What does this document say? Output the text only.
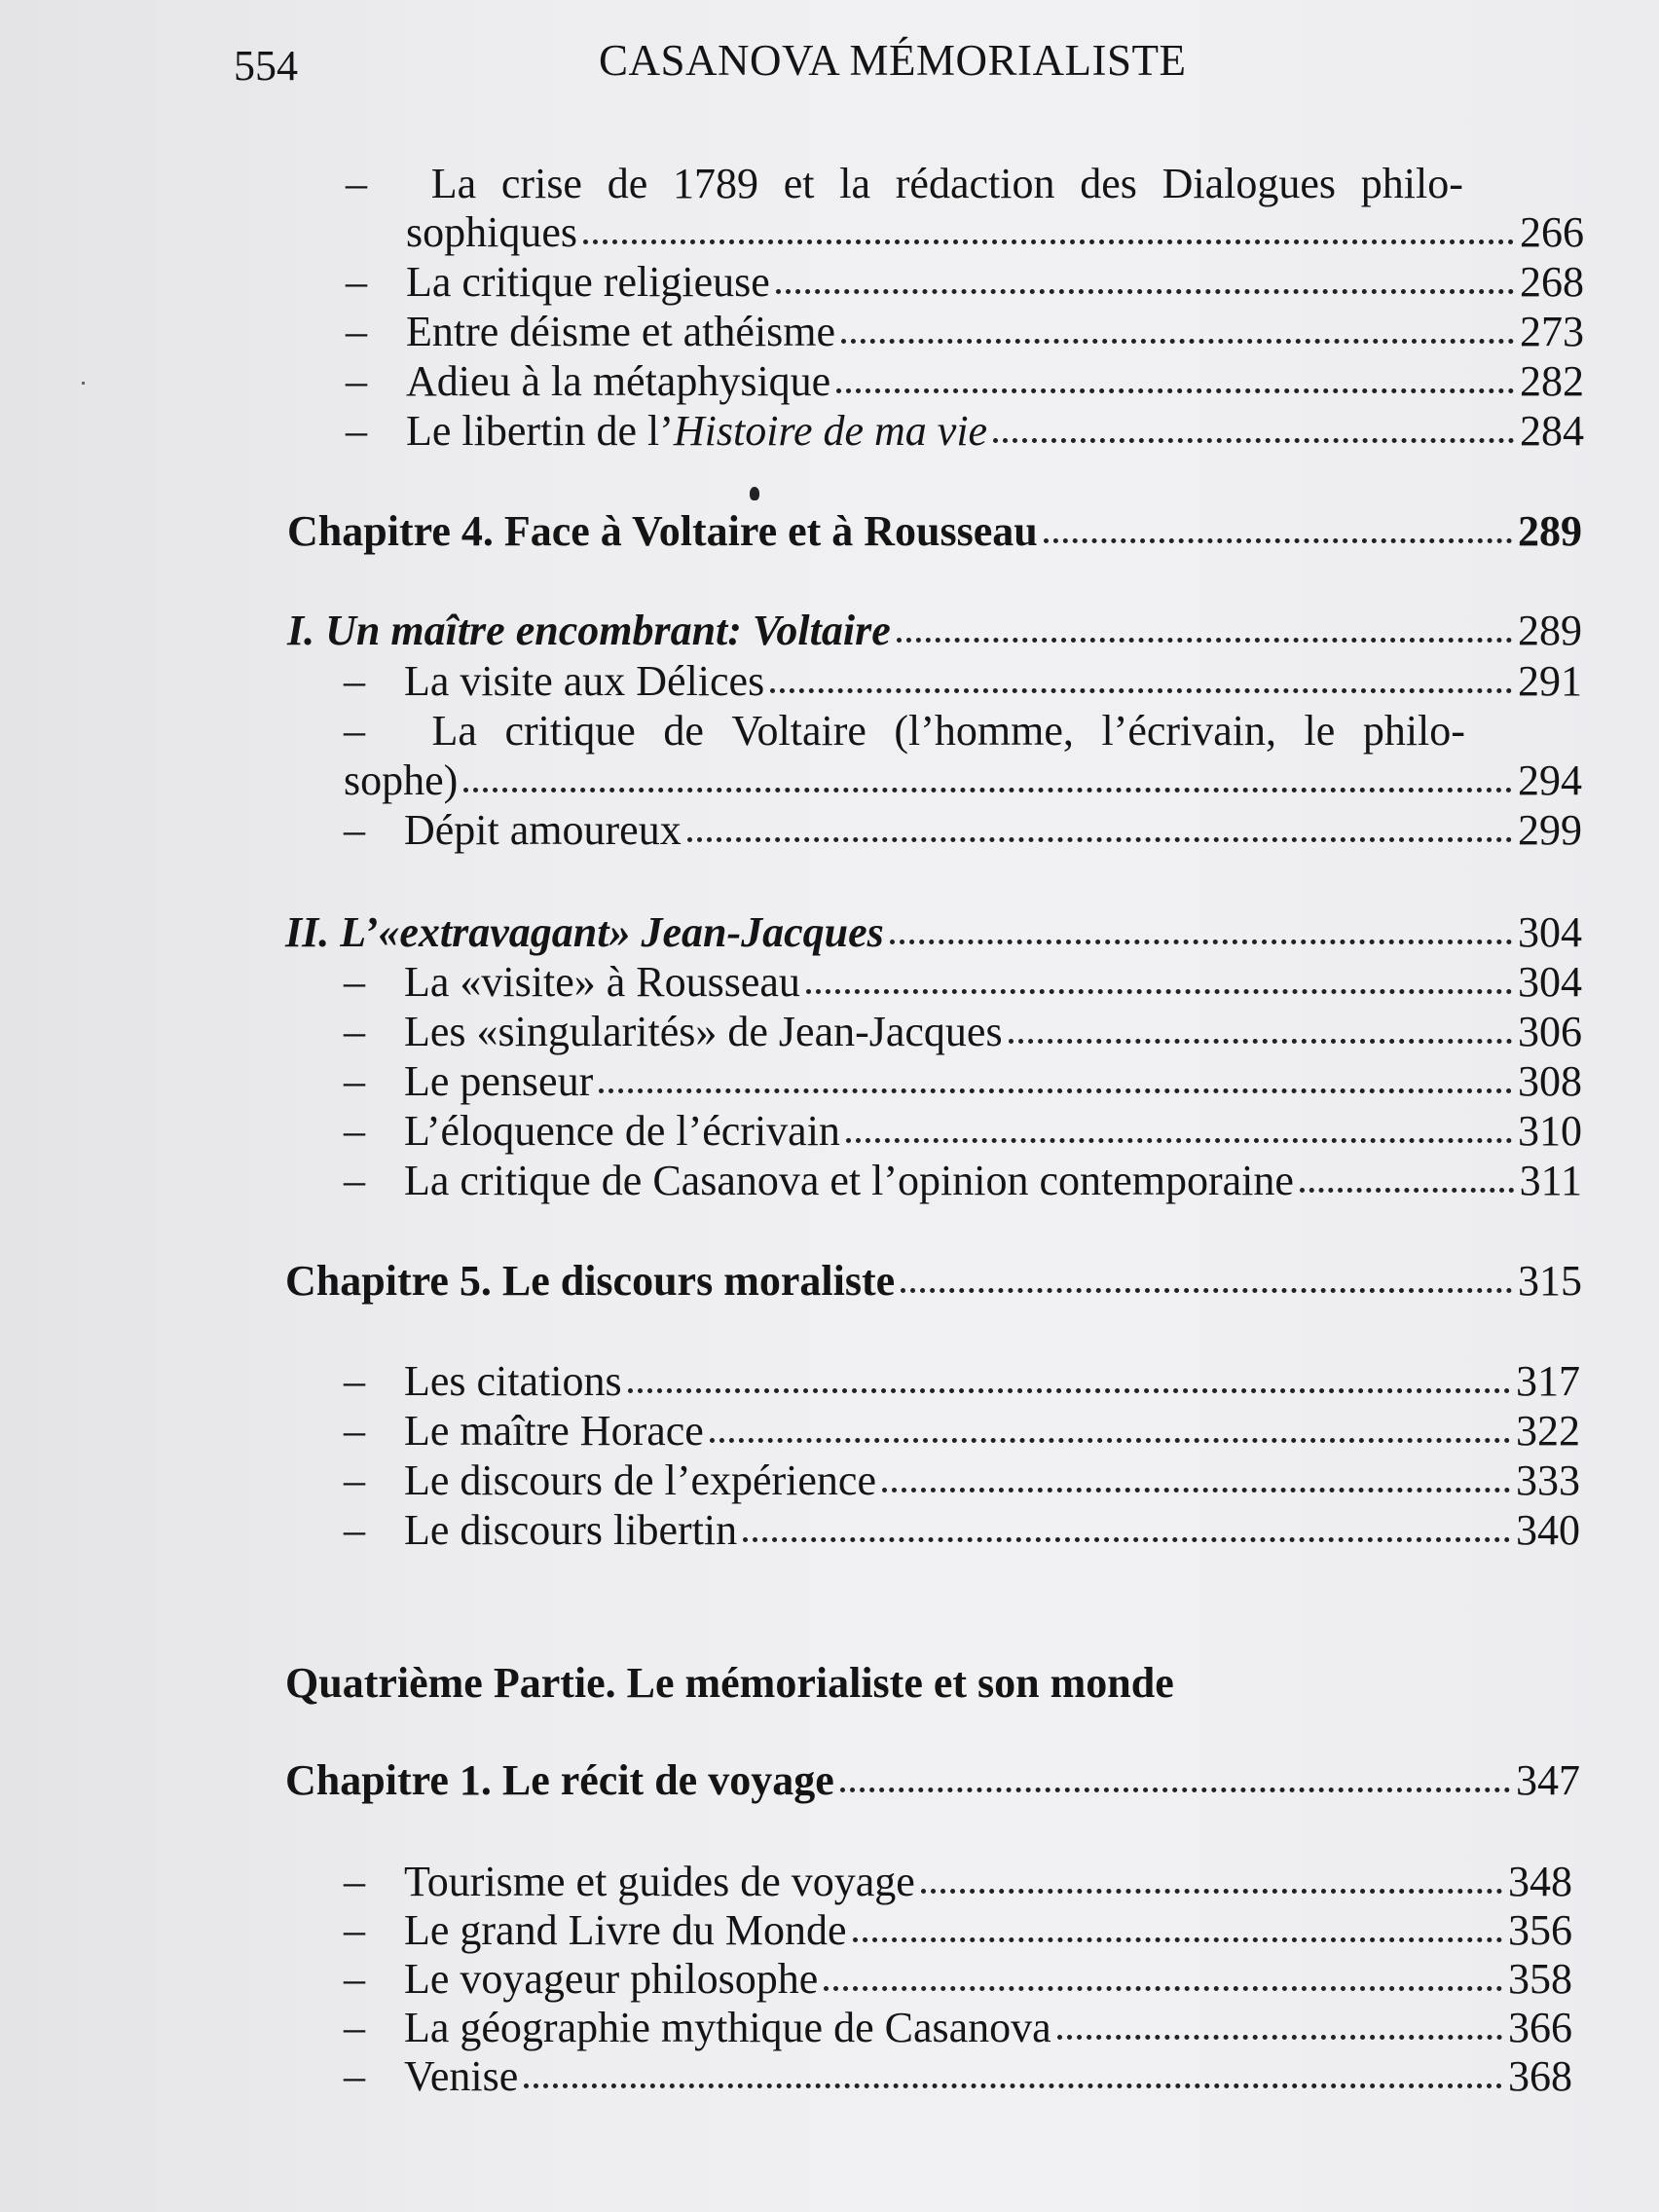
554	CASANOVA MÉMORIALISTE
–	La crise de 1789 et la rédaction des Dialogues philo-
sophiques	266
– La critique religieuse	268
– Entre déisme et athéisme	273
– Adieu à la métaphysique	282
– Le libertin de l’Histoire de ma vie	284
Chapitre 4. Face à Voltaire et à Rousseau	289
I. Un maître encombrant: Voltaire	289
– La visite aux Délices	291
–	La critique de Voltaire (l’homme, l’écrivain, le philo-
sophe)	294
– Dépit amoureux	299
II. L’«extravagant» Jean-Jacques	304
– La «visite» à Rousseau	304
– Les «singularités» de Jean-Jacques	306
– Le penseur	308
– L’éloquence de l’écrivain	310
– La critique de Casanova et l’opinion contemporaine	311
Chapitre 5. Le discours moraliste	315
– Les citations	317
– Le maître Horace	322
– Le discours de l’expérience	333
– Le discours libertin	340
Quatrième Partie. Le mémorialiste et son monde
Chapitre 1. Le récit de voyage	347
– Tourisme et guides de voyage	348
– Le grand Livre du Monde	356
– Le voyageur philosophe	358
– La géographie mythique de Casanova	366
– Venise	368
